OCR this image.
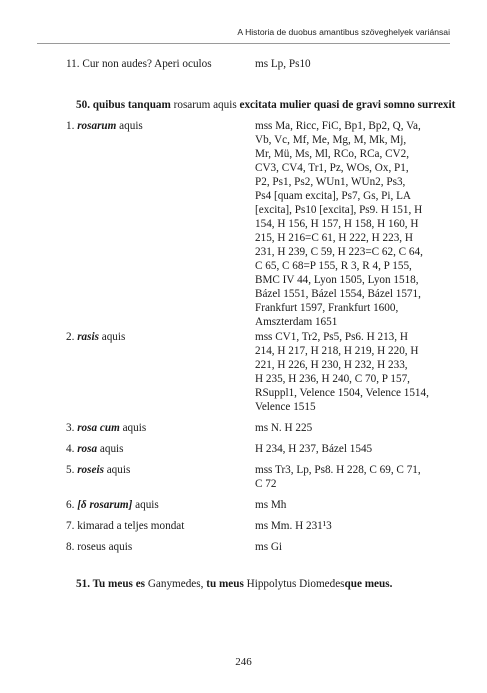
A Historia de duobus amantibus szöveghelyek variánsai
11. Cur non audes? Aperi oculos	ms Lp, Ps10
50. quibus tanquam rosarum aquis excitata mulier quasi de gravi somno surrexit
1. rosarum aquis	mss Ma, Ricc, FiC, Bp1, Bp2, Q, Va,
Vb, Vc, Mf, Me, Mg, M, Mk, Mj,
Mr, Mü, Ms, Ml, RCo, RCa, CV2,
CV3, CV4, Tr1, Pz, WOs, Ox, P1,
P2, Ps1, Ps2, WUn1, WUn2, Ps3,
Ps4 [quam excita], Ps7, Gs, Pi, LA
[excita], Ps10 [excita], Ps9. H 151, H
154, H 156, H 157, H 158, H 160, H
215, H 216=C 61, H 222, H 223, H
231, H 239, C 59, H 223=C 62, C 64,
C 65, C 68=P 155, R 3, R 4, P 155,
BMC IV 44, Lyon 1505, Lyon 1518,
Bázel 1551, Bázel 1554, Bázel 1571,
Frankfurt 1597, Frankfurt 1600,
Amszterdam 1651
2. rasis aquis	mss CV1, Tr2, Ps5, Ps6. H 213, H
214, H 217, H 218, H 219, H 220, H
221, H 226, H 230, H 232, H 233,
H 235, H 236, H 240, C 70, P 157,
RSuppl1, Velence 1504, Velence 1514,
Velence 1515
3. rosa cum aquis	ms N. H 225
4. rosa aquis	H 234, H 237, Bázel 1545
5. roseis aquis	mss Tr3, Lp, Ps8. H 228, C 69, C 71,
C 72
6. [δ rosarum] aquis	ms Mh
7. kimarad a teljes mondat	ms Mm. H 231¹3
8. roseus aquis	ms Gi
51. Tu meus es Ganymedes, tu meus Hippolytus Diomedesque meus.
246
